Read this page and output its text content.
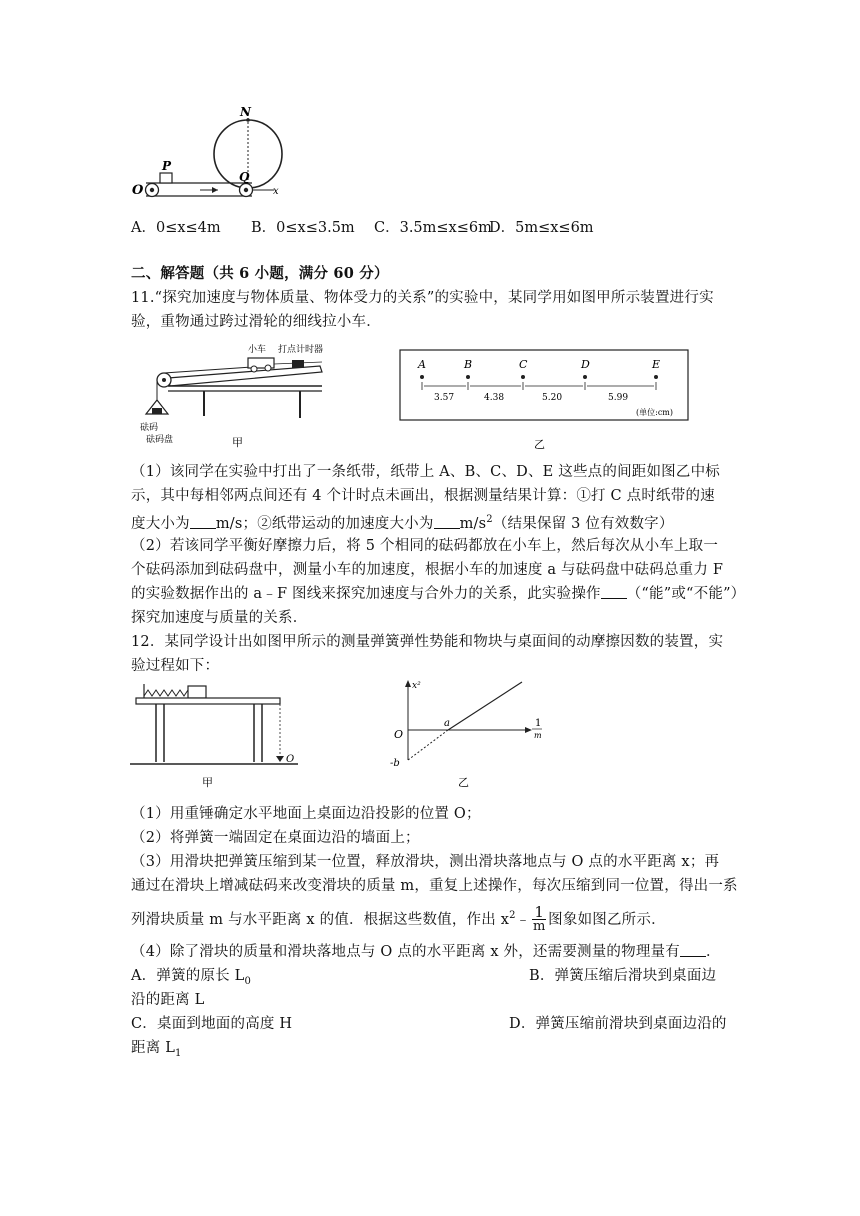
N
P
O
Q
x
A．0≤x≤4m B．0≤x≤3.5m C．3.5m≤x≤6m
D．5m≤x≤6m
二、解答题（共 6 小题，满分 60 分）
11.“探究加速度与物体质量、物体受力的关系”的实验中，某同学用如图甲所示装置进行实
验，重物通过跨过滑轮的细线拉小车．
小车 打点计时器
砝码
砝码盘	甲
A	B	C	D	E
3.57	4.38	5.20	5.99
(单位:cm)
乙
（1）该同学在实验中打出了一条纸带，纸带上 A、B、C、D、E 这些点的间距如图乙中标
示，其中每相邻两点间还有 4 个计时点未画出，根据测量结果计算：①打 C 点时纸带的速
度大小为 m/s；②纸带运动的加速度大小为 $m/s^2$（结果保留 3 位有效数字）
（2）若该同学平衡好摩擦力后，将 5 个相同的砝码都放在小车上，然后每次从小车上取一
个砝码添加到砝码盘中，测量小车的加速度，根据小车的加速度 a 与砝码盘中砝码总重力 F
的实验数据作出的 a﹣F 图线来探究加速度与合外力的关系，此实验操作 （“能”或“不能”）
探究加速度与质量的关系．
12．某同学设计出如图甲所示的测量弹簧弹性势能和物块与桌面间的动摩擦因数的装置，实
验过程如下：
O
甲
x²
O
a
-b
1
m
乙
（1）用重锤确定水平地面上桌面边沿投影的位置 O；
（2）将弹簧一端固定在桌面边沿的墙面上；
（3）用滑块把弹簧压缩到某一位置，释放滑块，测出滑块落地点与 O 点的水平距离 x；再
通过在滑块上增减砝码来改变滑块的质量 m，重复上述操作，每次压缩到同一位置，得出一系
列滑块质量 m 与水平距离 x 的值．根据这些数值，作出 $x^2﹣ \frac{1}{m}$ 图象如图乙所示．
（4）除了滑块的质量和滑块落地点与 O 点的水平距离 x 外，还需要测量的物理量有 ．
A．弹簧的原长 $L_0$	B．弹簧压缩后滑块到桌面边
沿的距离 L
C．桌面到地面的高度 H	D．弹簧压缩前滑块到桌面边沿的
距离 $L_1$
